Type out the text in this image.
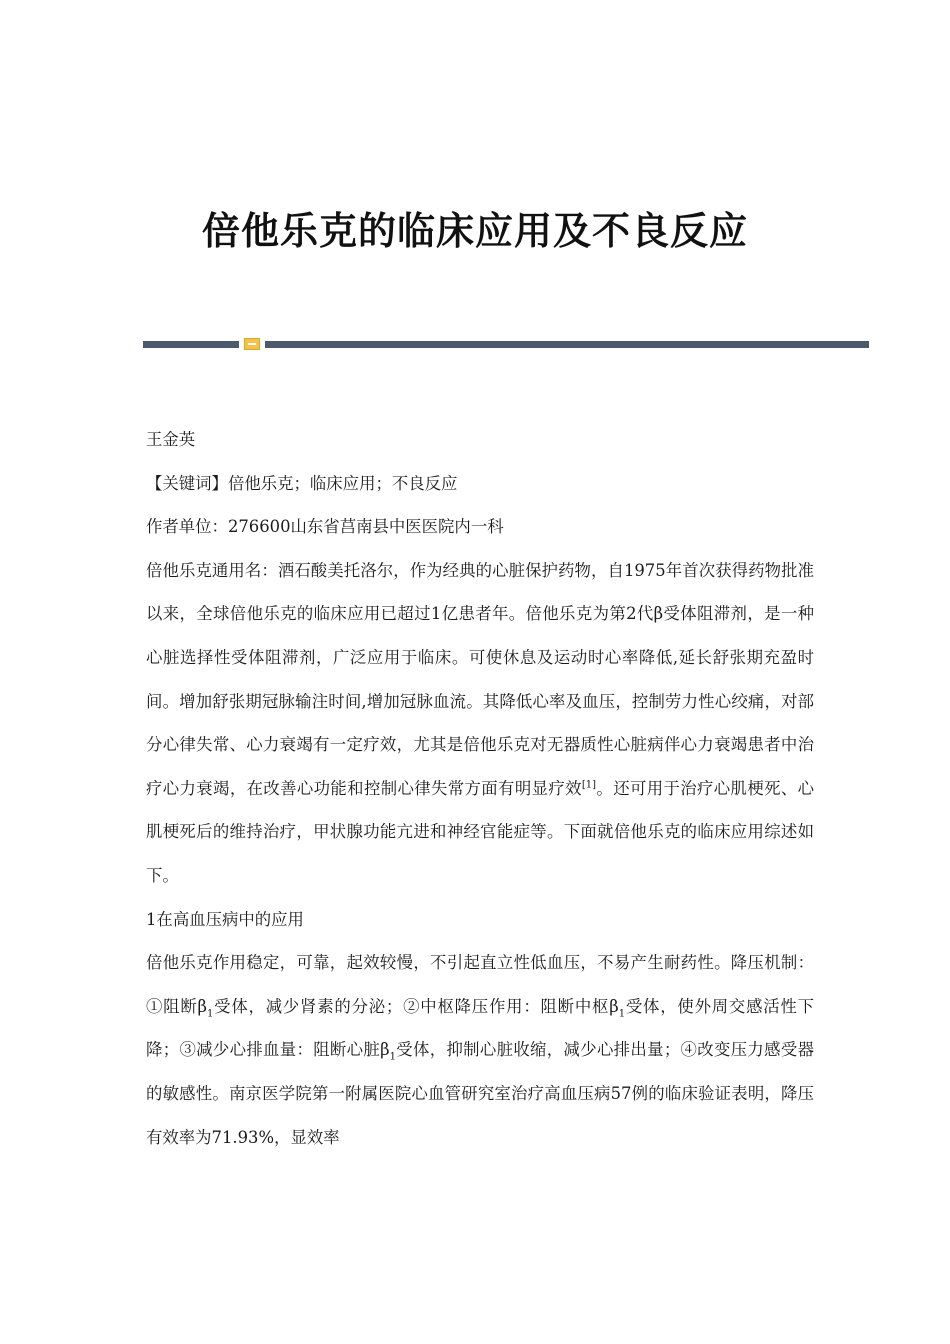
倍他乐克的临床应用及不良反应

王金英

【关键词】倍他乐克；临床应用；不良反应

作者单位：276600山东省莒南县中医医院内一科

倍他乐克通用名：酒石酸美托洛尔，作为经典的心脏保护药物，自1975年首次获得药物批准以来，全球倍他乐克的临床应用已超过1亿患者年。倍他乐克为第2代β受体阻滞剂，是一种心脏选择性受体阻滞剂，广泛应用于临床。可使休息及运动时心率降低,延长舒张期充盈时间。增加舒张期冠脉输注时间,增加冠脉血流。其降低心率及血压，控制劳力性心绞痛，对部分心律失常、心力衰竭有一定疗效，尤其是倍他乐克对无器质性心脏病伴心力衰竭患者中治疗心力衰竭，在改善心功能和控制心律失常方面有明显疗效[1]。还可用于治疗心肌梗死、心肌梗死后的维持治疗，甲状腺功能亢进和神经官能症等。下面就倍他乐克的临床应用综述如下。

1在高血压病中的应用

倍他乐克作用稳定，可靠，起效较慢，不引起直立性低血压，不易产生耐药性。降压机制：①阻断$\beta_1$受体，减少肾素的分泌；②中枢降压作用：阻断中枢$\beta_1$受体，使外周交感活性下降；③减少心排血量：阻断心脏$\beta_1$受体，抑制心脏收缩，减少心排出量；④改变压力感受器的敏感性。南京医学院第一附属医院心血管研究室治疗高血压病57例的临床验证表明，降压有效率为71.93%，显效率
